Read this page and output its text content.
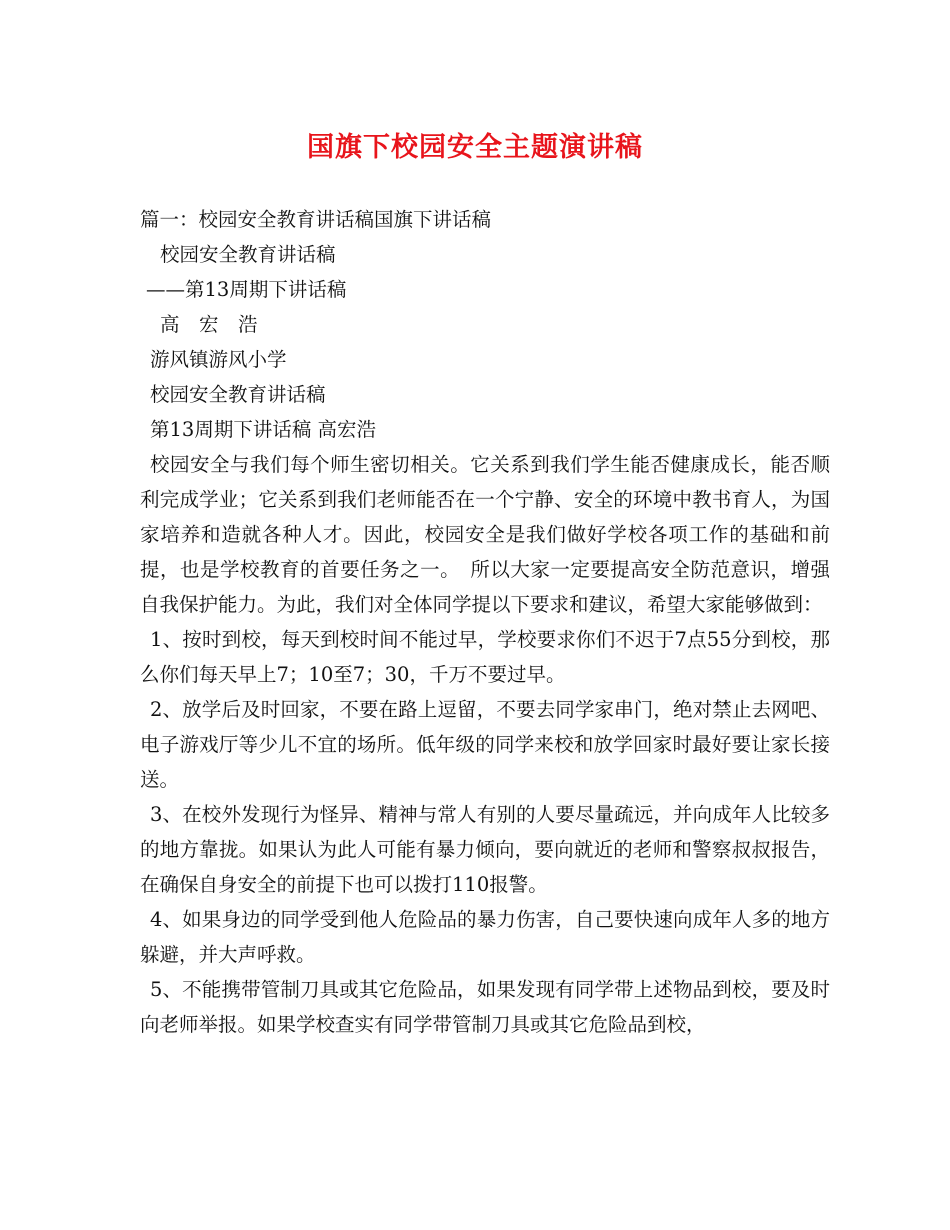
国旗下校园安全主题演讲稿
篇一：校园安全教育讲话稿国旗下讲话稿
校园安全教育讲话稿
——第13周期下讲话稿
高　宏　浩
游风镇游风小学
校园安全教育讲话稿
第13周期下讲话稿 高宏浩
校园安全与我们每个师生密切相关。它关系到我们学生能否健康成长，能否顺利完成学业；它关系到我们老师能否在一个宁静、安全的环境中教书育人，为国家培养和造就各种人才。因此，校园安全是我们做好学校各项工作的基础和前提，也是学校教育的首要任务之一。　所以大家一定要提高安全防范意识，增强自我保护能力。为此，我们对全体同学提以下要求和建议，希望大家能够做到：
1、按时到校，每天到校时间不能过早，学校要求你们不迟于7点55分到校，那么你们每天早上7；10至7；30，千万不要过早。
2、放学后及时回家，不要在路上逗留，不要去同学家串门，绝对禁止去网吧、电子游戏厅等少儿不宜的场所。低年级的同学来校和放学回家时最好要让家长接送。
3、在校外发现行为怪异、精神与常人有别的人要尽量疏远，并向成年人比较多的地方靠拢。如果认为此人可能有暴力倾向，要向就近的老师和警察叔叔报告，在确保自身安全的前提下也可以拨打110报警。
4、如果身边的同学受到他人危险品的暴力伤害，自己要快速向成年人多的地方躲避，并大声呼救。
5、不能携带管制刀具或其它危险品，如果发现有同学带上述物品到校，要及时向老师举报。如果学校查实有同学带管制刀具或其它危险品到校，
